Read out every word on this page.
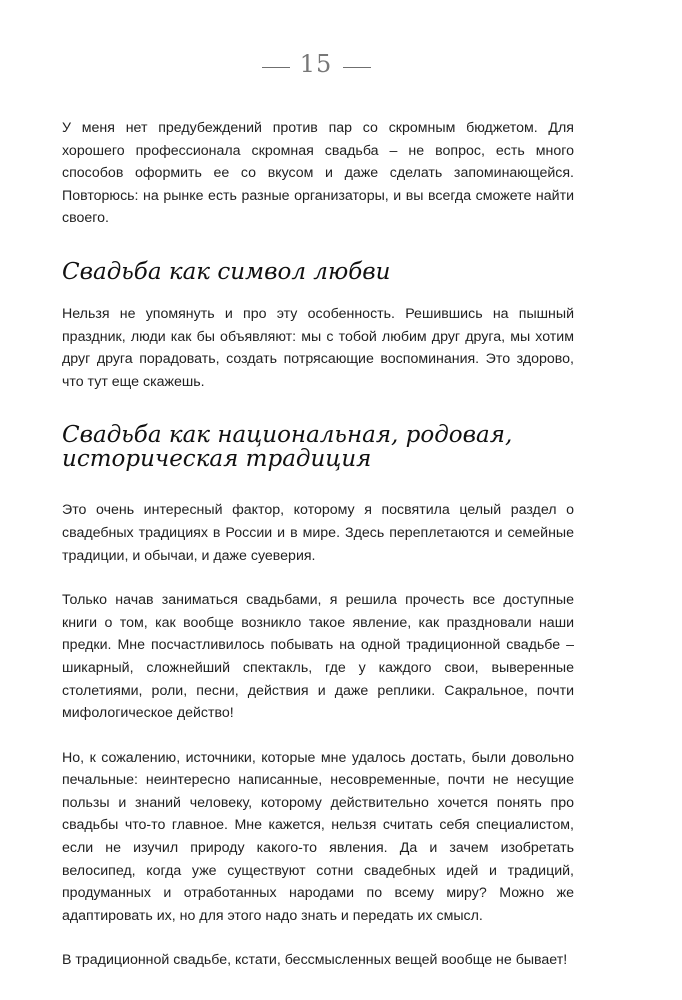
15

У меня нет предубеждений против пар со скромным бюджетом. Для хорошего профессионала скромная свадьба – не вопрос, есть много способов оформить ее со вкусом и даже сделать запоминающейся. Повторюсь: на рынке есть разные организаторы, и вы всегда сможете найти своего.

Свадьба как символ любви

Нельзя не упомянуть и про эту особенность. Решившись на пышный праздник, люди как бы объявляют: мы с тобой любим друг друга, мы хотим друг друга порадовать, создать потрясающие воспоминания. Это здорово, что тут еще скажешь.

Свадьба как национальная, родовая, историческая традиция

Это очень интересный фактор, которому я посвятила целый раздел о свадебных традициях в России и в мире. Здесь переплетаются и семейные традиции, и обычаи, и даже суеверия.

Только начав заниматься свадьбами, я решила прочесть все доступные книги о том, как вообще возникло такое явление, как праздновали наши предки. Мне посчастливилось побывать на одной традиционной свадьбе – шикарный, сложнейший спектакль, где у каждого свои, выверенные столетиями, роли, песни, действия и даже реплики. Сакральное, почти мифологическое действо!

Но, к сожалению, источники, которые мне удалось достать, были довольно печальные: неинтересно написанные, несовременные, почти не несущие пользы и знаний человеку, которому действительно хочется понять про свадьбы что-то главное. Мне кажется, нельзя считать себя специалистом, если не изучил природу какого-то явления. Да и зачем изобретать велосипед, когда уже существуют сотни свадебных идей и традиций, продуманных и отработанных народами по всему миру? Можно же адаптировать их, но для этого надо знать и передать их смысл.

В традиционной свадьбе, кстати, бессмысленных вещей вообще не бывает!
